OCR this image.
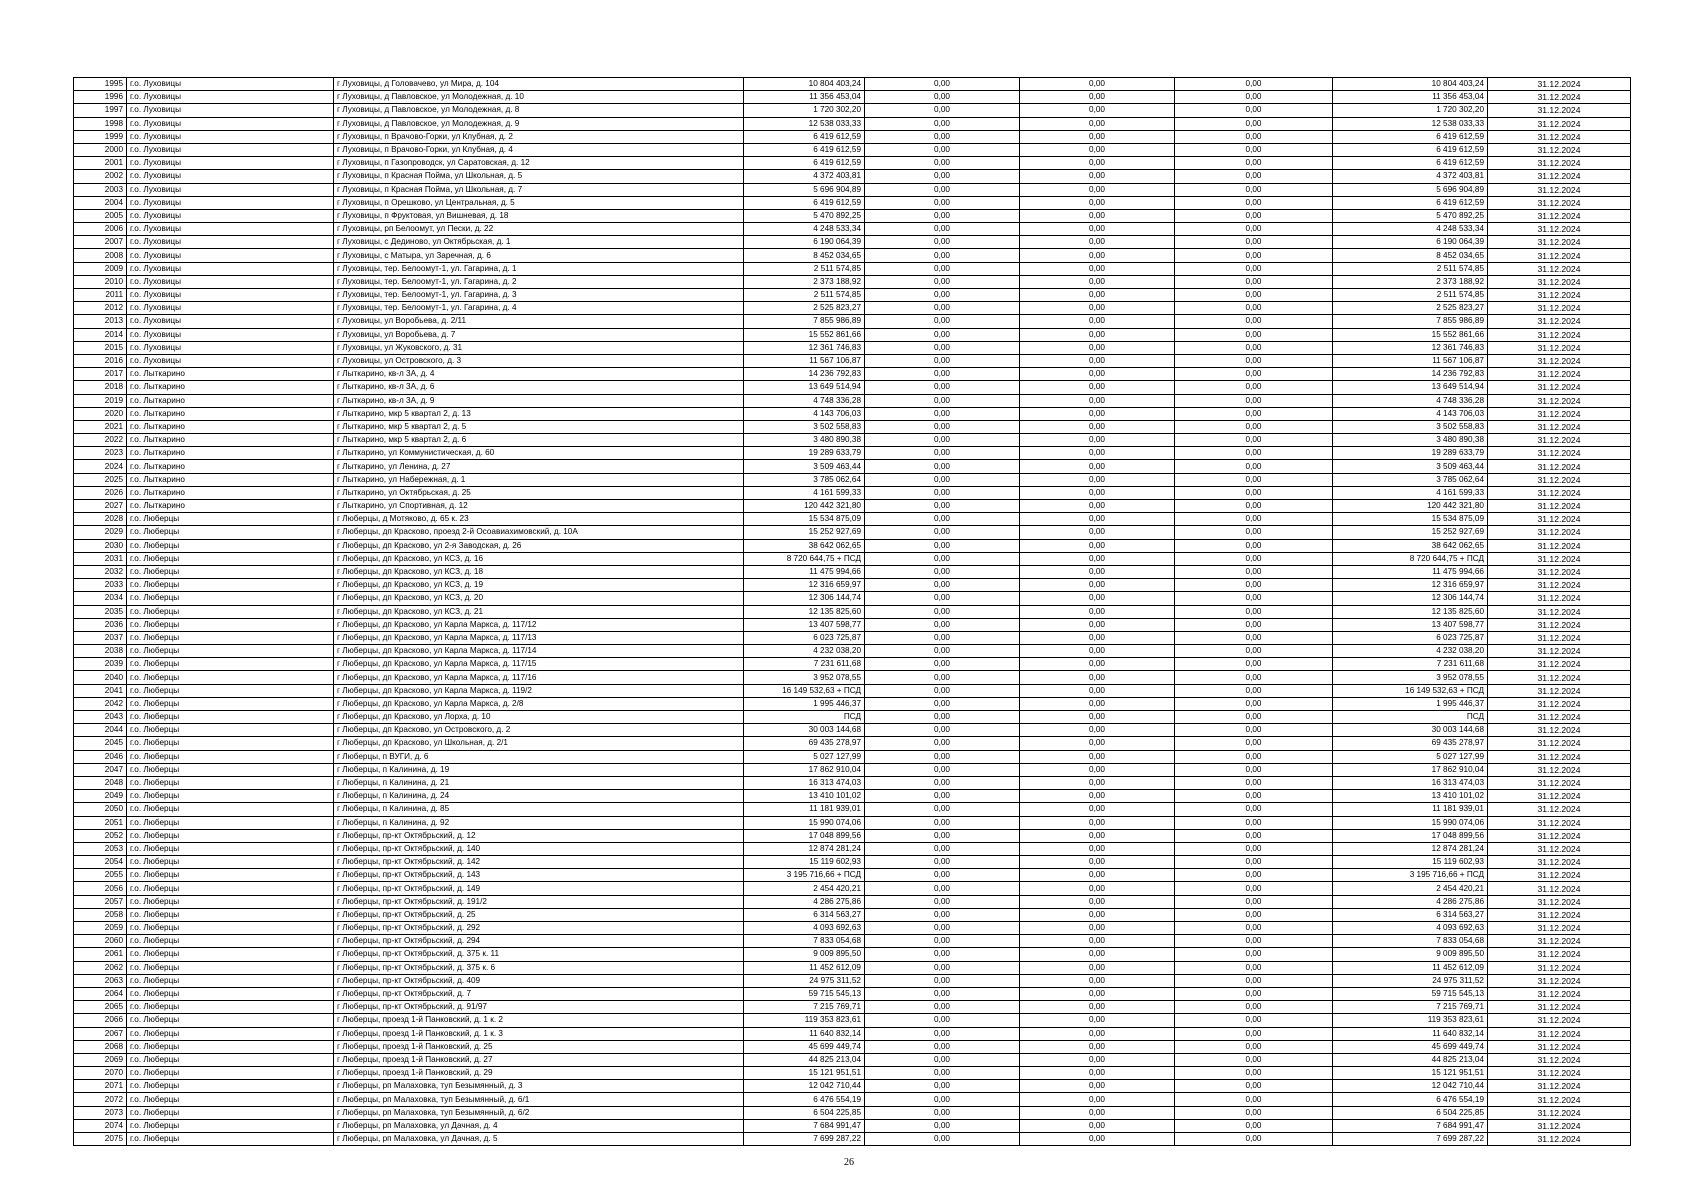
1995	г.о. Луховицы	г Луховицы, д Головачево, ул Мира, д. 104	10 804 403,24	0,00	0,00	0,00	10 804 403,24	31.12.2024
1996	г.о. Луховицы	г Луховицы, д Павловское, ул Молодежная, д. 10	11 356 453,04	0,00	0,00	0,00	11 356 453,04	31.12.2024
1997	г.о. Луховицы	г Луховицы, д Павловское, ул Молодежная, д. 8	1 720 302,20	0,00	0,00	0,00	1 720 302,20	31.12.2024
1998	г.о. Луховицы	г Луховицы, д Павловское, ул Молодежная, д. 9	12 538 033,33	0,00	0,00	0,00	12 538 033,33	31.12.2024
1999	г.о. Луховицы	г Луховицы, п Врачово-Горки, ул Клубная, д. 2	6 419 612,59	0,00	0,00	0,00	6 419 612,59	31.12.2024
2000	г.о. Луховицы	г Луховицы, п Врачово-Горки, ул Клубная, д. 4	6 419 612,59	0,00	0,00	0,00	6 419 612,59	31.12.2024
2001	г.о. Луховицы	г Луховицы, п Газопроводск, ул Саратовская, д. 12	6 419 612,59	0,00	0,00	0,00	6 419 612,59	31.12.2024
2002	г.о. Луховицы	г Луховицы, п Красная Пойма, ул Школьная, д. 5	4 372 403,81	0,00	0,00	0,00	4 372 403,81	31.12.2024
2003	г.о. Луховицы	г Луховицы, п Красная Пойма, ул Школьная, д. 7	5 696 904,89	0,00	0,00	0,00	5 696 904,89	31.12.2024
2004	г.о. Луховицы	г Луховицы, п Орешково, ул Центральная, д. 5	6 419 612,59	0,00	0,00	0,00	6 419 612,59	31.12.2024
2005	г.о. Луховицы	г Луховицы, п Фруктовая, ул Вишневая, д. 18	5 470 892,25	0,00	0,00	0,00	5 470 892,25	31.12.2024
2006	г.о. Луховицы	г Луховицы, рп Белоомут, ул Пески, д. 22	4 248 533,34	0,00	0,00	0,00	4 248 533,34	31.12.2024
2007	г.о. Луховицы	г Луховицы, с Дединово, ул Октябрьская, д. 1	6 190 064,39	0,00	0,00	0,00	6 190 064,39	31.12.2024
2008	г.о. Луховицы	г Луховицы, с Матыра, ул Заречная, д. 6	8 452 034,65	0,00	0,00	0,00	8 452 034,65	31.12.2024
2009	г.о. Луховицы	г Луховицы, тер. Белоомут-1, ул. Гагарина, д. 1	2 511 574,85	0,00	0,00	0,00	2 511 574,85	31.12.2024
2010	г.о. Луховицы	г Луховицы, тер. Белоомут-1, ул. Гагарина, д. 2	2 373 188,92	0,00	0,00	0,00	2 373 188,92	31.12.2024
2011	г.о. Луховицы	г Луховицы, тер. Белоомут-1, ул. Гагарина, д. 3	2 511 574,85	0,00	0,00	0,00	2 511 574,85	31.12.2024
2012	г.о. Луховицы	г Луховицы, тер. Белоомут-1, ул. Гагарина, д. 4	2 525 823,27	0,00	0,00	0,00	2 525 823,27	31.12.2024
2013	г.о. Луховицы	г Луховицы, ул Воробьева, д. 2/11	7 855 986,89	0,00	0,00	0,00	7 855 986,89	31.12.2024
2014	г.о. Луховицы	г Луховицы, ул Воробьева, д. 7	15 552 861,66	0,00	0,00	0,00	15 552 861,66	31.12.2024
2015	г.о. Луховицы	г Луховицы, ул Жуковского, д. 31	12 361 746,83	0,00	0,00	0,00	12 361 746,83	31.12.2024
2016	г.о. Луховицы	г Луховицы, ул Островского, д. 3	11 567 106,87	0,00	0,00	0,00	11 567 106,87	31.12.2024
2017	г.о. Лыткарино	г Лыткарино, кв-л 3А, д. 4	14 236 792,83	0,00	0,00	0,00	14 236 792,83	31.12.2024
2018	г.о. Лыткарино	г Лыткарино, кв-л 3А, д. 6	13 649 514,94	0,00	0,00	0,00	13 649 514,94	31.12.2024
2019	г.о. Лыткарино	г Лыткарино, кв-л 3А, д. 9	4 748 336,28	0,00	0,00	0,00	4 748 336,28	31.12.2024
2020	г.о. Лыткарино	г Лыткарино, мкр 5 квартал 2, д. 13	4 143 706,03	0,00	0,00	0,00	4 143 706,03	31.12.2024
2021	г.о. Лыткарино	г Лыткарино, мкр 5 квартал 2, д. 5	3 502 558,83	0,00	0,00	0,00	3 502 558,83	31.12.2024
2022	г.о. Лыткарино	г Лыткарино, мкр 5 квартал 2, д. 6	3 480 890,38	0,00	0,00	0,00	3 480 890,38	31.12.2024
2023	г.о. Лыткарино	г Лыткарино, ул Коммунистическая, д. 60	19 289 633,79	0,00	0,00	0,00	19 289 633,79	31.12.2024
2024	г.о. Лыткарино	г Лыткарино, ул Ленина, д. 27	3 509 463,44	0,00	0,00	0,00	3 509 463,44	31.12.2024
2025	г.о. Лыткарино	г Лыткарино, ул Набережная, д. 1	3 785 062,64	0,00	0,00	0,00	3 785 062,64	31.12.2024
2026	г.о. Лыткарино	г Лыткарино, ул Октябрьская, д. 25	4 161 599,33	0,00	0,00	0,00	4 161 599,33	31.12.2024
2027	г.о. Лыткарино	г Лыткарино, ул Спортивная, д. 12	120 442 321,80	0,00	0,00	0,00	120 442 321,80	31.12.2024
2028	г.о. Люберцы	г Люберцы, д Мотяково, д. 65 к. 23	15 534 875,09	0,00	0,00	0,00	15 534 875,09	31.12.2024
2029	г.о. Люберцы	г Люберцы, дп Красково, проезд 2-й Осоавиахимовский, д. 10А	15 252 927,69	0,00	0,00	0,00	15 252 927,69	31.12.2024
2030	г.о. Люберцы	г Люберцы, дп Красково, ул 2-я Заводская, д. 26	38 642 062,65	0,00	0,00	0,00	38 642 062,65	31.12.2024
2031	г.о. Люберцы	г Люберцы, дп Красково, ул КСЗ, д. 16	8 720 644,75 + ПСД	0,00	0,00	0,00	8 720 644,75 + ПСД	31.12.2024
2032	г.о. Люберцы	г Люберцы, дп Красково, ул КСЗ, д. 18	11 475 994,66	0,00	0,00	0,00	11 475 994,66	31.12.2024
2033	г.о. Люберцы	г Люберцы, дп Красково, ул КСЗ, д. 19	12 316 659,97	0,00	0,00	0,00	12 316 659,97	31.12.2024
2034	г.о. Люберцы	г Люберцы, дп Красково, ул КСЗ, д. 20	12 306 144,74	0,00	0,00	0,00	12 306 144,74	31.12.2024
2035	г.о. Люберцы	г Люберцы, дп Красково, ул КСЗ, д. 21	12 135 825,60	0,00	0,00	0,00	12 135 825,60	31.12.2024
2036	г.о. Люберцы	г Люберцы, дп Красково, ул Карла Маркса, д. 117/12	13 407 598,77	0,00	0,00	0,00	13 407 598,77	31.12.2024
2037	г.о. Люберцы	г Люберцы, дп Красково, ул Карла Маркса, д. 117/13	6 023 725,87	0,00	0,00	0,00	6 023 725,87	31.12.2024
2038	г.о. Люберцы	г Люберцы, дп Красково, ул Карла Маркса, д. 117/14	4 232 038,20	0,00	0,00	0,00	4 232 038,20	31.12.2024
2039	г.о. Люберцы	г Люберцы, дп Красково, ул Карла Маркса, д. 117/15	7 231 611,68	0,00	0,00	0,00	7 231 611,68	31.12.2024
2040	г.о. Люберцы	г Люберцы, дп Красково, ул Карла Маркса, д. 117/16	3 952 078,55	0,00	0,00	0,00	3 952 078,55	31.12.2024
2041	г.о. Люберцы	г Люберцы, дп Красково, ул Карла Маркса, д. 119/2	16 149 532,63 + ПСД	0,00	0,00	0,00	16 149 532,63 + ПСД	31.12.2024
2042	г.о. Люберцы	г Люберцы, дп Красково, ул Карла Маркса, д. 2/8	1 995 446,37	0,00	0,00	0,00	1 995 446,37	31.12.2024
2043	г.о. Люберцы	г Люберцы, дп Красково, ул Лорха, д. 10	ПСД	0,00	0,00	0,00	ПСД	31.12.2024
2044	г.о. Люберцы	г Люберцы, дп Красково, ул Островского, д. 2	30 003 144,68	0,00	0,00	0,00	30 003 144,68	31.12.2024
2045	г.о. Люберцы	г Люберцы, дп Красково, ул Школьная, д. 2/1	69 435 278,97	0,00	0,00	0,00	69 435 278,97	31.12.2024
2046	г.о. Люберцы	г Люберцы, п ВУГИ, д. 6	5 027 127,99	0,00	0,00	0,00	5 027 127,99	31.12.2024
2047	г.о. Люберцы	г Люберцы, п Калинина, д. 19	17 862 910,04	0,00	0,00	0,00	17 862 910,04	31.12.2024
2048	г.о. Люберцы	г Люберцы, п Калинина, д. 21	16 313 474,03	0,00	0,00	0,00	16 313 474,03	31.12.2024
2049	г.о. Люберцы	г Люберцы, п Калинина, д. 24	13 410 101,02	0,00	0,00	0,00	13 410 101,02	31.12.2024
2050	г.о. Люберцы	г Люберцы, п Калинина, д. 85	11 181 939,01	0,00	0,00	0,00	11 181 939,01	31.12.2024
2051	г.о. Люберцы	г Люберцы, п Калинина, д. 92	15 990 074,06	0,00	0,00	0,00	15 990 074,06	31.12.2024
2052	г.о. Люберцы	г Люберцы, пр-кт Октябрьский, д. 12	17 048 899,56	0,00	0,00	0,00	17 048 899,56	31.12.2024
2053	г.о. Люберцы	г Люберцы, пр-кт Октябрьский, д. 140	12 874 281,24	0,00	0,00	0,00	12 874 281,24	31.12.2024
2054	г.о. Люберцы	г Люберцы, пр-кт Октябрьский, д. 142	15 119 602,93	0,00	0,00	0,00	15 119 602,93	31.12.2024
2055	г.о. Люберцы	г Люберцы, пр-кт Октябрьский, д. 143	3 195 716,66 + ПСД	0,00	0,00	0,00	3 195 716,66 + ПСД	31.12.2024
2056	г.о. Люберцы	г Люберцы, пр-кт Октябрьский, д. 149	2 454 420,21	0,00	0,00	0,00	2 454 420,21	31.12.2024
2057	г.о. Люберцы	г Люберцы, пр-кт Октябрьский, д. 191/2	4 286 275,86	0,00	0,00	0,00	4 286 275,86	31.12.2024
2058	г.о. Люберцы	г Люберцы, пр-кт Октябрьский, д. 25	6 314 563,27	0,00	0,00	0,00	6 314 563,27	31.12.2024
2059	г.о. Люберцы	г Люберцы, пр-кт Октябрьский, д. 292	4 093 692,63	0,00	0,00	0,00	4 093 692,63	31.12.2024
2060	г.о. Люберцы	г Люберцы, пр-кт Октябрьский, д. 294	7 833 054,68	0,00	0,00	0,00	7 833 054,68	31.12.2024
2061	г.о. Люберцы	г Люберцы, пр-кт Октябрьский, д. 375 к. 11	9 009 895,50	0,00	0,00	0,00	9 009 895,50	31.12.2024
2062	г.о. Люберцы	г Люберцы, пр-кт Октябрьский, д. 375 к. 6	11 452 612,09	0,00	0,00	0,00	11 452 612,09	31.12.2024
2063	г.о. Люберцы	г Люберцы, пр-кт Октябрьский, д. 409	24 975 311,52	0,00	0,00	0,00	24 975 311,52	31.12.2024
2064	г.о. Люберцы	г Люберцы, пр-кт Октябрьский, д. 7	59 715 545,13	0,00	0,00	0,00	59 715 545,13	31.12.2024
2065	г.о. Люберцы	г Люберцы, пр-кт Октябрьский, д. 91/97	7 215 769,71	0,00	0,00	0,00	7 215 769,71	31.12.2024
2066	г.о. Люберцы	г Люберцы, проезд 1-й Панковский, д. 1 к. 2	119 353 823,61	0,00	0,00	0,00	119 353 823,61	31.12.2024
2067	г.о. Люберцы	г Люберцы, проезд 1-й Панковский, д. 1 к. 3	11 640 832,14	0,00	0,00	0,00	11 640 832,14	31.12.2024
2068	г.о. Люберцы	г Люберцы, проезд 1-й Панковский, д. 25	45 699 449,74	0,00	0,00	0,00	45 699 449,74	31.12.2024
2069	г.о. Люберцы	г Люберцы, проезд 1-й Панковский, д. 27	44 825 213,04	0,00	0,00	0,00	44 825 213,04	31.12.2024
2070	г.о. Люберцы	г Люберцы, проезд 1-й Панковский, д. 29	15 121 951,51	0,00	0,00	0,00	15 121 951,51	31.12.2024
2071	г.о. Люберцы	г Люберцы, рп Малаховка, туп Безымянный, д. 3	12 042 710,44	0,00	0,00	0,00	12 042 710,44	31.12.2024
2072	г.о. Люберцы	г Люберцы, рп Малаховка, туп Безымянный, д. 6/1	6 476 554,19	0,00	0,00	0,00	6 476 554,19	31.12.2024
2073	г.о. Люберцы	г Люберцы, рп Малаховка, туп Безымянный, д. 6/2	6 504 225,85	0,00	0,00	0,00	6 504 225,85	31.12.2024
2074	г.о. Люберцы	г Люберцы, рп Малаховка, ул Дачная, д. 4	7 684 991,47	0,00	0,00	0,00	7 684 991,47	31.12.2024
2075	г.о. Люберцы	г Люберцы, рп Малаховка, ул Дачная, д. 5	7 699 287,22	0,00	0,00	0,00	7 699 287,22	31.12.2024
26
